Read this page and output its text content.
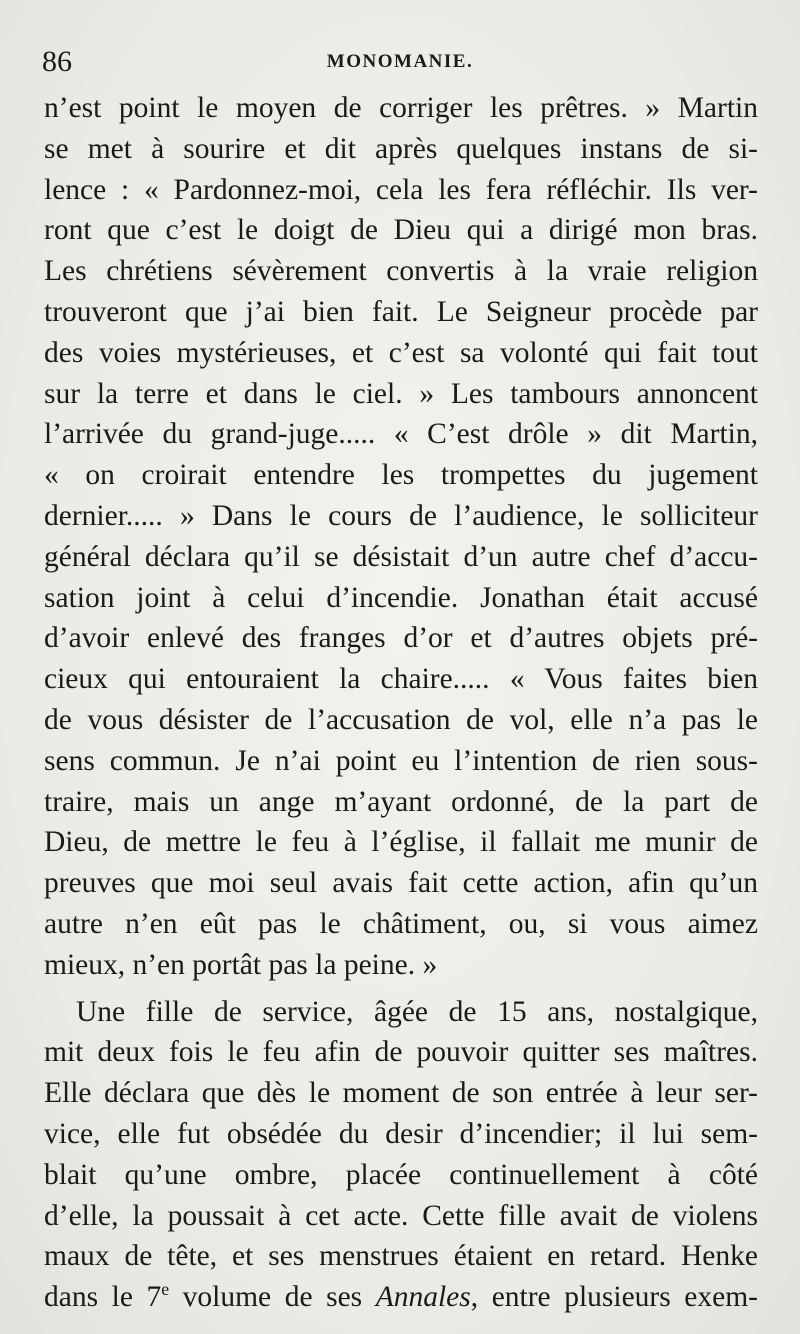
86	MONOMANIE.
n’est point le moyen de corriger les prêtres. » Martin
se met à sourire et dit après quelques instans de si-
lence : « Pardonnez-moi, cela les fera réfléchir. Ils ver-
ront que c’est le doigt de Dieu qui a dirigé mon bras.
Les chrétiens sévèrement convertis à la vraie religion
trouveront que j’ai bien fait. Le Seigneur procède par
des voies mystérieuses, et c’est sa volonté qui fait tout
sur la terre et dans le ciel. » Les tambours annoncent
l’arrivée du grand-juge..... « C’est drôle » dit Martin,
« on croirait entendre les trompettes du jugement
dernier..... » Dans le cours de l’audience, le solliciteur
général déclara qu’il se désistait d’un autre chef d’accu-
sation joint à celui d’incendie. Jonathan était accusé
d’avoir enlevé des franges d’or et d’autres objets pré-
cieux qui entouraient la chaire..... « Vous faites bien
de vous désister de l’accusation de vol, elle n’a pas le
sens commun. Je n’ai point eu l’intention de rien sous-
traire, mais un ange m’ayant ordonné, de la part de
Dieu, de mettre le feu à l’église, il fallait me munir de
preuves que moi seul avais fait cette action, afin qu’un
autre n’en eût pas le châtiment, ou, si vous aimez
mieux, n’en portât pas la peine. »
Une fille de service, âgée de 15 ans, nostalgique,
mit deux fois le feu afin de pouvoir quitter ses maîtres.
Elle déclara que dès le moment de son entrée à leur ser-
vice, elle fut obsédée du desir d’incendier; il lui sem-
blait qu’une ombre, placée continuellement à côté
d’elle, la poussait à cet acte. Cette fille avait de violens
maux de tête, et ses menstrues étaient en retard. Henke
dans le 7e volume de ses Annales, entre plusieurs exem-
